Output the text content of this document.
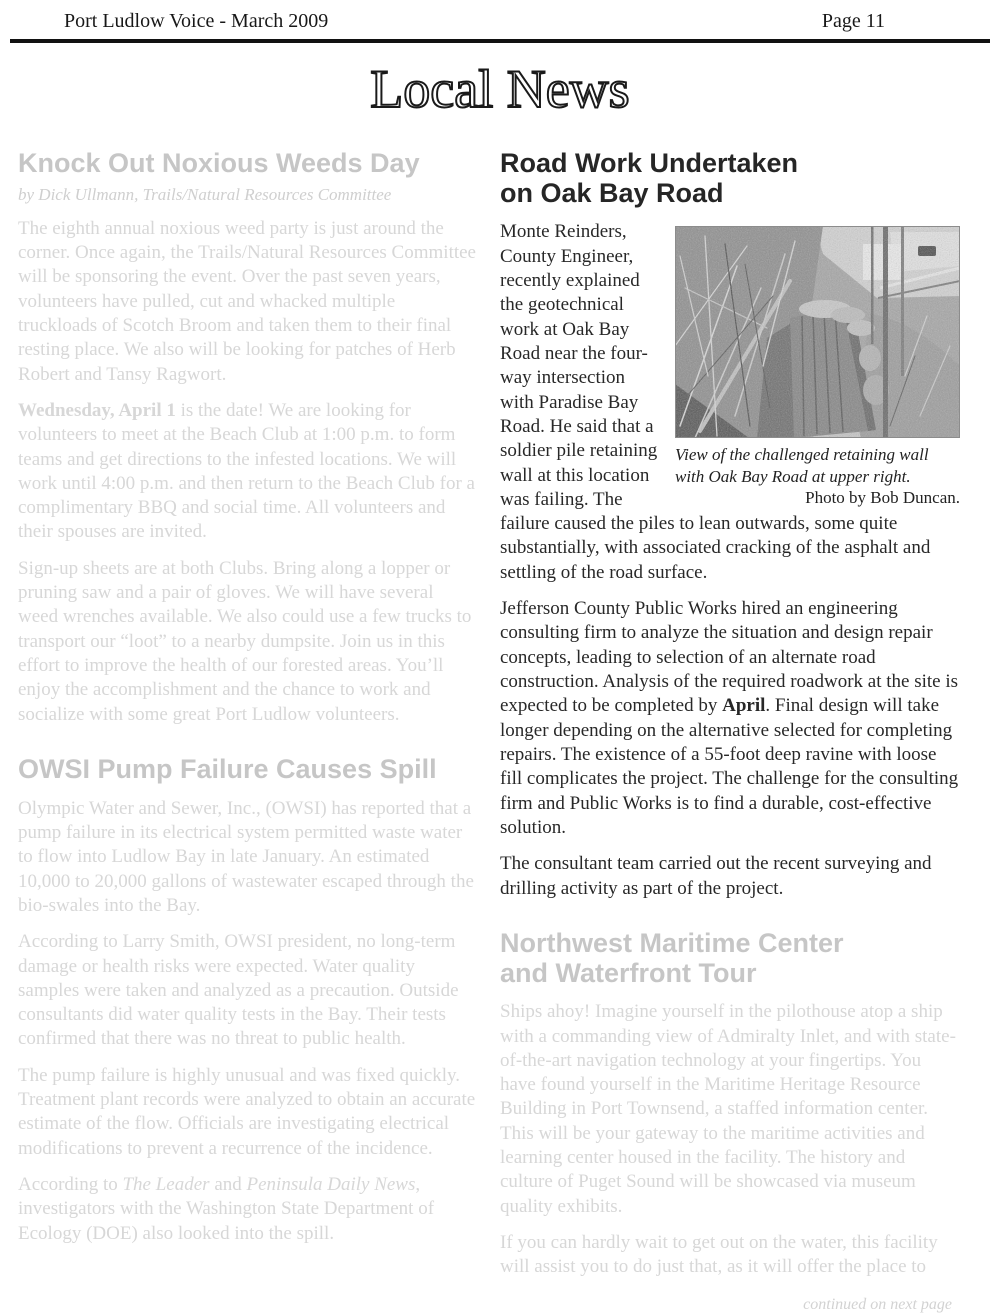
Port Ludlow Voice - March 2009	Page 11
Local News
Knock Out Noxious Weeds Day
by Dick Ullmann, Trails/Natural Resources Committee

The eighth annual noxious weed party is just around the corner. Once again, the Trails/Natural Resources Committee will be sponsoring the event. Over the past seven years, volunteers have pulled, cut and whacked multiple truckloads of Scotch Broom and taken them to their final resting place. We also will be looking for patches of Herb Robert and Tansy Ragwort.

Wednesday, April 1 is the date! We are looking for volunteers to meet at the Beach Club at 1:00 p.m. to form teams and get directions to the infested locations. We will work until 4:00 p.m. and then return to the Beach Club for a complimentary BBQ and social time. All volunteers and their spouses are invited.

Sign-up sheets are at both Clubs. Bring along a lopper or pruning saw and a pair of gloves. We will have several weed wrenches available. We also could use a few trucks to transport our “loot” to a nearby dumpsite. Join us in this effort to improve the health of our forested areas. You’ll enjoy the accomplishment and the chance to work and socialize with some great Port Ludlow volunteers.

OWSI Pump Failure Causes Spill

Olympic Water and Sewer, Inc., (OWSI) has reported that a pump failure in its electrical system permitted waste water to flow into Ludlow Bay in late January. An estimated 10,000 to 20,000 gallons of wastewater escaped through the bio-swales into the Bay.

According to Larry Smith, OWSI president, no long-term damage or health risks were expected. Water quality samples were taken and analyzed as a precaution. Outside consultants did water quality tests in the Bay. Their tests confirmed that there was no threat to public health.

The pump failure is highly unusual and was fixed quickly. Treatment plant records were analyzed to obtain an accurate estimate of the flow. Officials are investigating electrical modifications to prevent a recurrence of the incidence.

According to The Leader and Peninsula Daily News, investigators with the Washington State Department of Ecology (DOE) also looked into the spill.

Road Work Undertaken
on Oak Bay Road
View of the challenged retaining wall with Oak Bay Road at upper right.
Photo by Bob Duncan.

Monte Reinders, County Engineer, recently explained the geotechnical work at Oak Bay Road near the four-way intersection with Paradise Bay Road. He said that a soldier pile retaining wall at this location was failing. The failure caused the piles to lean outwards, some quite substantially, with associated cracking of the asphalt and settling of the road surface.

Jefferson County Public Works hired an engineering consulting firm to analyze the situation and design repair concepts, leading to selection of an alternate road construction. Analysis of the required roadwork at the site is expected to be completed by April. Final design will take longer depending on the alternative selected for completing repairs. The existence of a 55-foot deep ravine with loose fill complicates the project. The challenge for the consulting firm and Public Works is to find a durable, cost-effective solution.

The consultant team carried out the recent surveying and drilling activity as part of the project.

Northwest Maritime Center
and Waterfront Tour

Ships ahoy! Imagine yourself in the pilothouse atop a ship with a commanding view of Admiralty Inlet, and with state-of-the-art navigation technology at your fingertips. You have found yourself in the Maritime Heritage Resource Building in Port Townsend, a staffed information center. This will be your gateway to the maritime activities and learning center housed in the facility. The history and culture of Puget Sound will be showcased via museum quality exhibits.

If you can hardly wait to get out on the water, this facility will assist you to do just that, as it will offer the place to

continued on next page
